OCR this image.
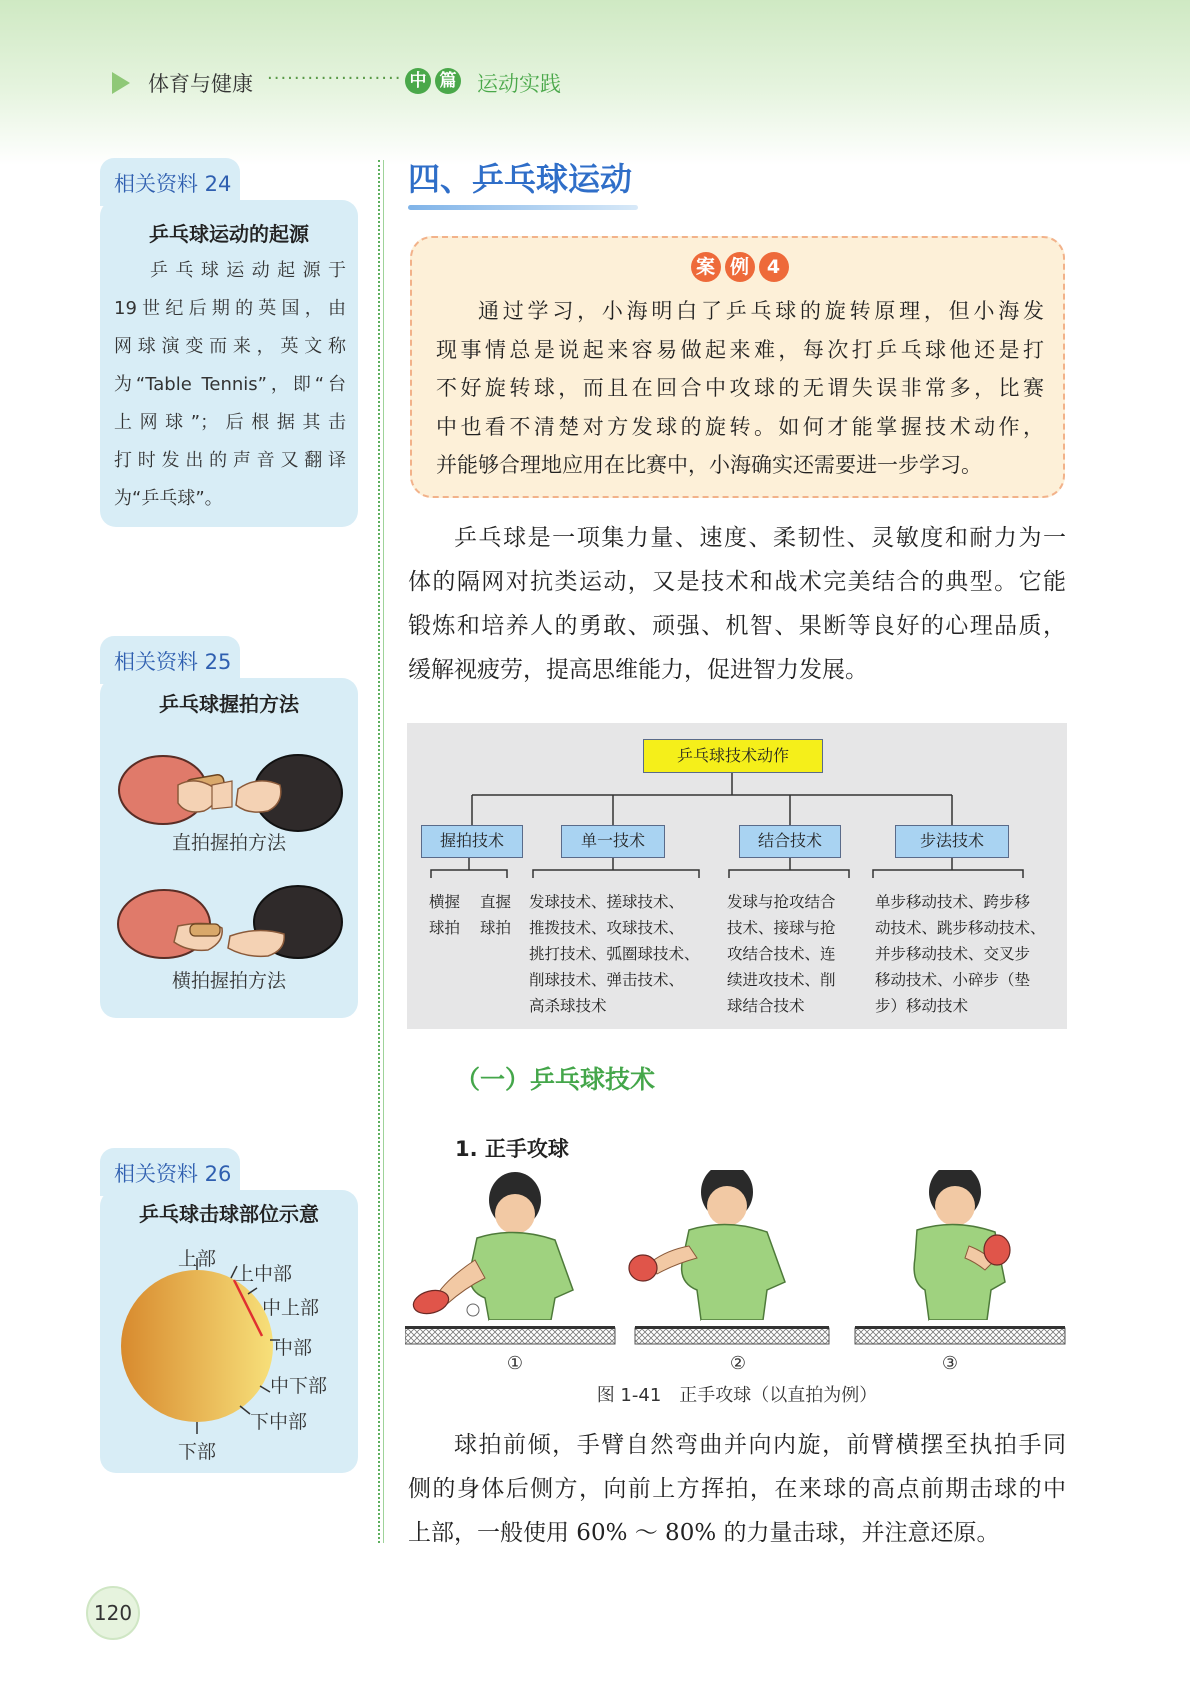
体育与健康 ···················· 中 篇 运动实践
相关资料 24
乒乓球运动的起源

乒乓球运动起源于

19世纪后期的英国，由

网球演变而来，英文称

为“Table Tennis”，即“台

上网球”；后根据其击

打时发出的声音又翻译

为“乒乓球”。

相关资料 25
乒乓球握拍方法
直拍握拍方法
横拍握拍方法
相关资料 26
乒乓球击球部位示意
上部
上中部
中上部
中部
中下部
下中部
下部
四、乒乓球运动
案 例 4

通过学习，小海明白了乒乓球的旋转原理，但小海发

现事情总是说起来容易做起来难，每次打乒乓球他还是打

不好旋转球，而且在回合中攻球的无谓失误非常多，比赛

中也看不清楚对方发球的旋转。如何才能掌握技术动作，

并能够合理地应用在比赛中，小海确实还需要进一步学习。

乒乓球是一项集力量、速度、柔韧性、灵敏度和耐力为一

体的隔网对抗类运动，又是技术和战术完美结合的典型。它能

锻炼和培养人的勇敢、顽强、机智、果断等良好的心理品质，

缓解视疲劳，提高思维能力，促进智力发展。

乒乓球技术动作
握拍技术	单一技术	结合技术	步法技术
横握
球拍
直握
球拍
发球技术、搓球技术、
推拨技术、攻球技术、
挑打技术、弧圈球技术、
削球技术、弹击技术、
高杀球技术
发球与抢攻结合
技术、接球与抢
攻结合技术、连
续进攻技术、削
球结合技术
单步移动技术、跨步移
动技术、跳步移动技术、
并步移动技术、交叉步
移动技术、小碎步（垫
步）移动技术
（一）乒乓球技术
1. 正手攻球
①	②	③
图 1-41　正手攻球（以直拍为例）

球拍前倾，手臂自然弯曲并向内旋，前臂横摆至执拍手同

侧的身体后侧方，向前上方挥拍，在来球的高点前期击球的中

上部，一般使用 60% ～ 80% 的力量击球，并注意还原。

120
